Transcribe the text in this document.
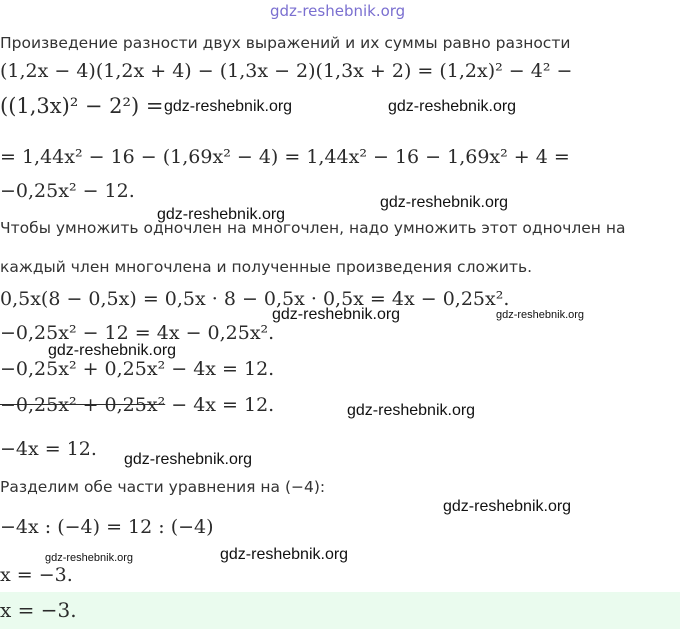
gdz-reshebnik.org
Произведение разности двух выражений и их суммы равно разности
(1,2x − 4)(1,2x + 4) − (1,3x − 2)(1,3x + 2) = (1,2x)² − 4² −
((1,3x)² − 2²) =
= 1,44x² − 16 − (1,69x² − 4) = 1,44x² − 16 − 1,69x² + 4 =
−0,25x² − 12.
Чтобы умножить одночлен на многочлен, надо умножить этот одночлен на
каждый член многочлена и полученные произведения сложить.
0,5x(8 − 0,5x) = 0,5x · 8 − 0,5x · 0,5x = 4x − 0,25x².
−0,25x² − 12 = 4x − 0,25x².
−0,25x² + 0,25x² − 4x = 12.
−0,25x² + 0,25x² − 4x = 12.
−4x = 12.
Разделим обе части уравнения на (−4):
−4x : (−4) = 12 : (−4)
x = −3.
x = −3.
gdz-reshebnik.org	gdz-reshebnik.org
gdz-reshebnik.org
gdz-reshebnik.org
gdz-reshebnik.org	gdz-reshebnik.org
gdz-reshebnik.org
gdz-reshebnik.org
gdz-reshebnik.org
gdz-reshebnik.org
gdz-reshebnik.org	gdz-reshebnik.org
